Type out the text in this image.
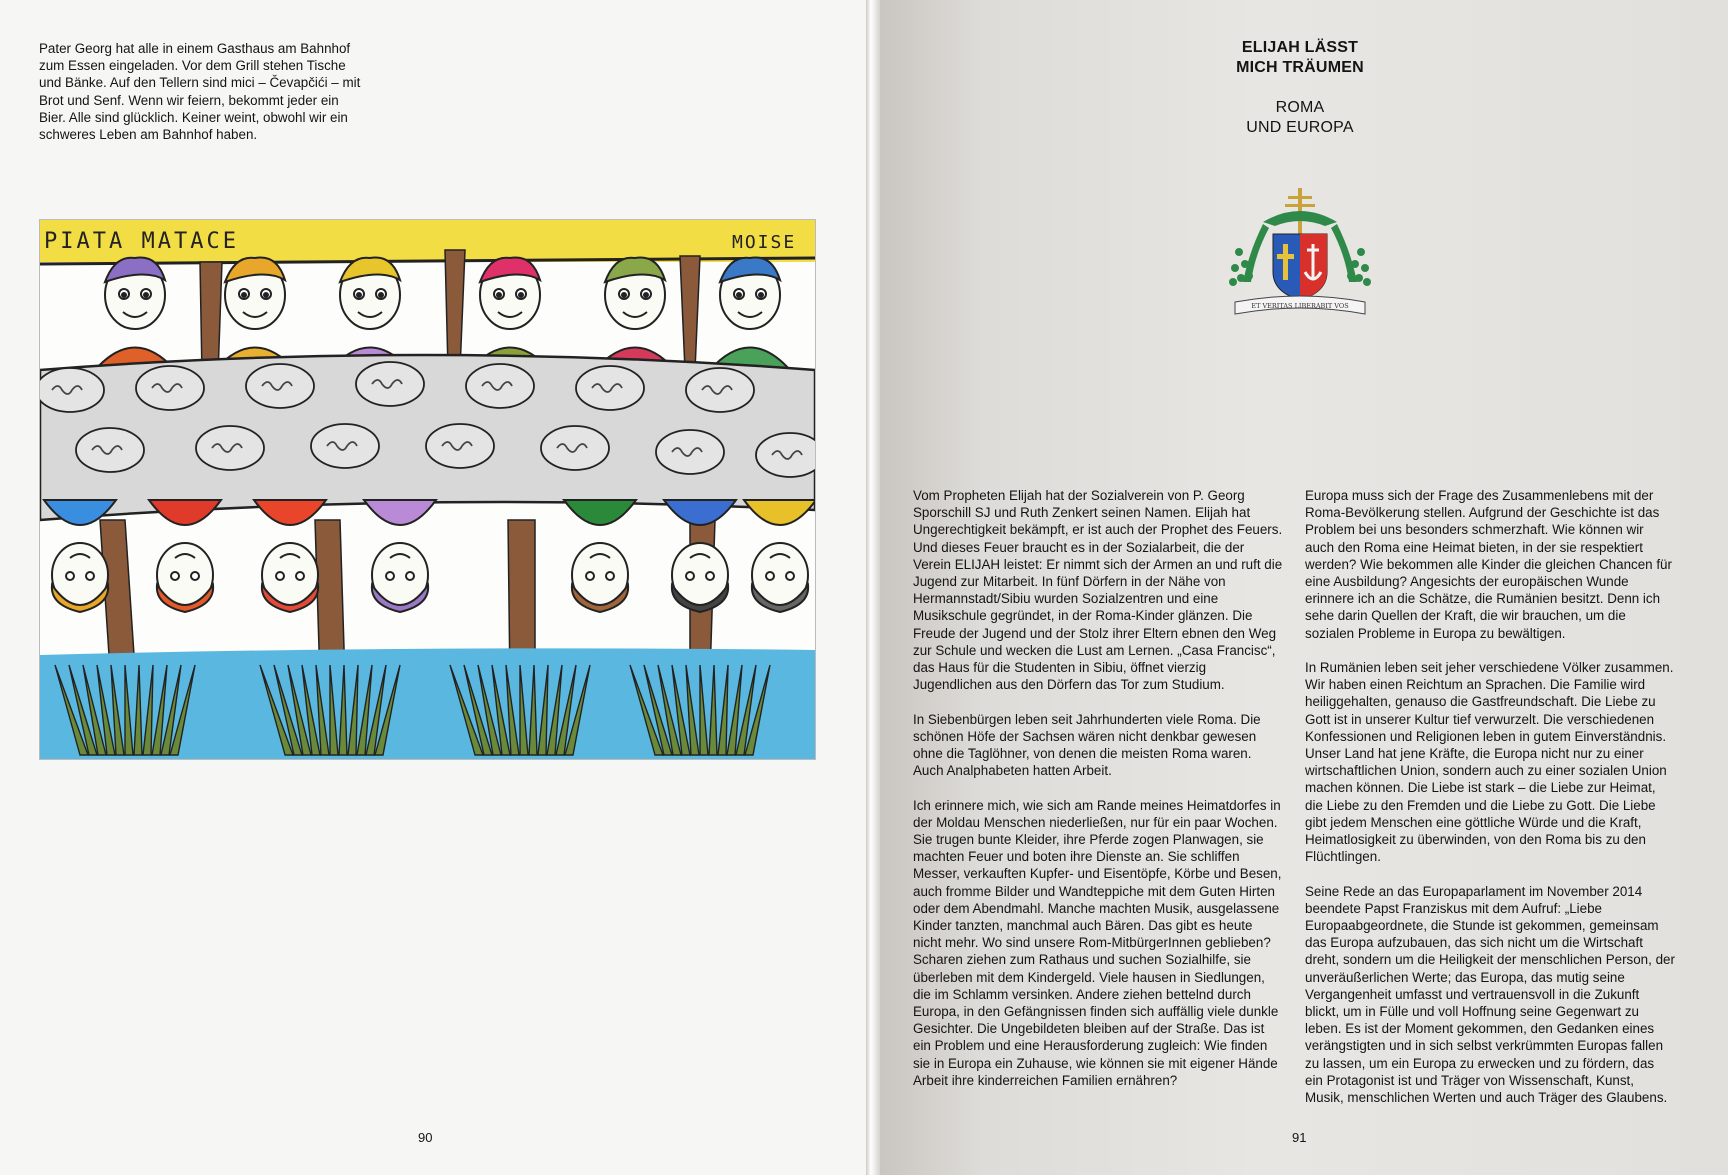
Pater Georg hat alle in einem Gasthaus am Bahnhof zum Essen eingeladen. Vor dem Grill stehen Tische und Bänke. Auf den Tellern sind mici – Čevapčići – mit Brot und Senf. Wenn wir feiern, bekommt jeder ein Bier. Alle sind glücklich. Keiner weint, obwohl wir ein schweres Leben am Bahnhof haben.

PIATA MATACE	MOISE

90

ELIJAH LÄSST
MICH TRÄUMEN
ROMA
UND EUROPA
ET VERITAS LIBERABIT VOS

Vom Propheten Elijah hat der Sozialverein von P. Georg Sporschill SJ und Ruth Zenkert seinen Namen. Elijah hat Ungerechtigkeit bekämpft, er ist auch der Prophet des Feuers. Und dieses Feuer braucht es in der Sozialarbeit, die der Verein ELIJAH leistet: Er nimmt sich der Armen an und ruft die Jugend zur Mitarbeit. In fünf Dörfern in der Nähe von Hermannstadt/Sibiu wurden Sozialzentren und eine Musikschule gegründet, in der Roma-Kinder glänzen. Die Freude der Jugend und der Stolz ihrer Eltern ebnen den Weg zur Schule und wecken die Lust am Lernen. „Casa Francisc“, das Haus für die Studenten in Sibiu, öffnet vierzig Jugendlichen aus den Dörfern das Tor zum Studium.

In Siebenbürgen leben seit Jahrhunderten viele Roma. Die schönen Höfe der Sachsen wären nicht denkbar gewesen ohne die Taglöhner, von denen die meisten Roma waren. Auch Analphabeten hatten Arbeit.

Ich erinnere mich, wie sich am Rande meines Heimatdorfes in der Moldau Menschen niederließen, nur für ein paar Wochen. Sie trugen bunte Kleider, ihre Pferde zogen Planwagen, sie machten Feuer und boten ihre Dienste an. Sie schliffen Messer, verkauften Kupfer- und Eisentöpfe, Körbe und Besen, auch fromme Bilder und Wandteppiche mit dem Guten Hirten oder dem Abendmahl. Manche machten Musik, ausgelassene Kinder tanzten, manchmal auch Bären. Das gibt es heute nicht mehr. Wo sind unsere Rom-MitbürgerInnen geblieben? Scharen ziehen zum Rathaus und suchen Sozialhilfe, sie überleben mit dem Kindergeld. Viele hausen in Siedlungen, die im Schlamm versinken. Andere ziehen bettelnd durch Europa, in den Gefängnissen finden sich auffällig viele dunkle Gesichter. Die Ungebildeten bleiben auf der Straße. Das ist ein Problem und eine Herausforderung zugleich: Wie finden sie in Europa ein Zuhause, wie können sie mit eigener Hände Arbeit ihre kinderreichen Familien ernähren?

Europa muss sich der Frage des Zusammenlebens mit der Roma-Bevölkerung stellen. Aufgrund der Geschichte ist das Problem bei uns besonders schmerzhaft. Wie können wir auch den Roma eine Heimat bieten, in der sie respektiert werden? Wie bekommen alle Kinder die gleichen Chancen für eine Ausbildung? Angesichts der europäischen Wunde erinnere ich an die Schätze, die Rumänien besitzt. Denn ich sehe darin Quellen der Kraft, die wir brauchen, um die sozialen Probleme in Europa zu bewältigen.

In Rumänien leben seit jeher verschiedene Völker zusammen. Wir haben einen Reichtum an Sprachen. Die Familie wird heiliggehalten, genauso die Gastfreundschaft. Die Liebe zu Gott ist in unserer Kultur tief verwurzelt. Die verschiedenen Konfessionen und Religionen leben in gutem Einverständnis. Unser Land hat jene Kräfte, die Europa nicht nur zu einer wirtschaftlichen Union, sondern auch zu einer sozialen Union machen können. Die Liebe ist stark – die Liebe zur Heimat, die Liebe zu den Fremden und die Liebe zu Gott. Die Liebe gibt jedem Menschen eine göttliche Würde und die Kraft, Heimatlosigkeit zu überwinden, von den Roma bis zu den Flüchtlingen.

Seine Rede an das Europaparlament im November 2014 beendete Papst Franziskus mit dem Aufruf: „Liebe Europaabgeordnete, die Stunde ist gekommen, gemeinsam das Europa aufzubauen, das sich nicht um die Wirtschaft dreht, sondern um die Heiligkeit der menschlichen Person, der unveräußerlichen Werte; das Europa, das mutig seine Vergangenheit umfasst und vertrauensvoll in die Zukunft blickt, um in Fülle und voll Hoffnung seine Gegenwart zu leben. Es ist der Moment gekommen, den Gedanken eines verängstigten und in sich selbst verkrümmten Europas fallen zu lassen, um ein Europa zu erwecken und zu fördern, das ein Protagonist ist und Träger von Wissenschaft, Kunst, Musik, menschlichen Werten und auch Träger des Glaubens.

91
